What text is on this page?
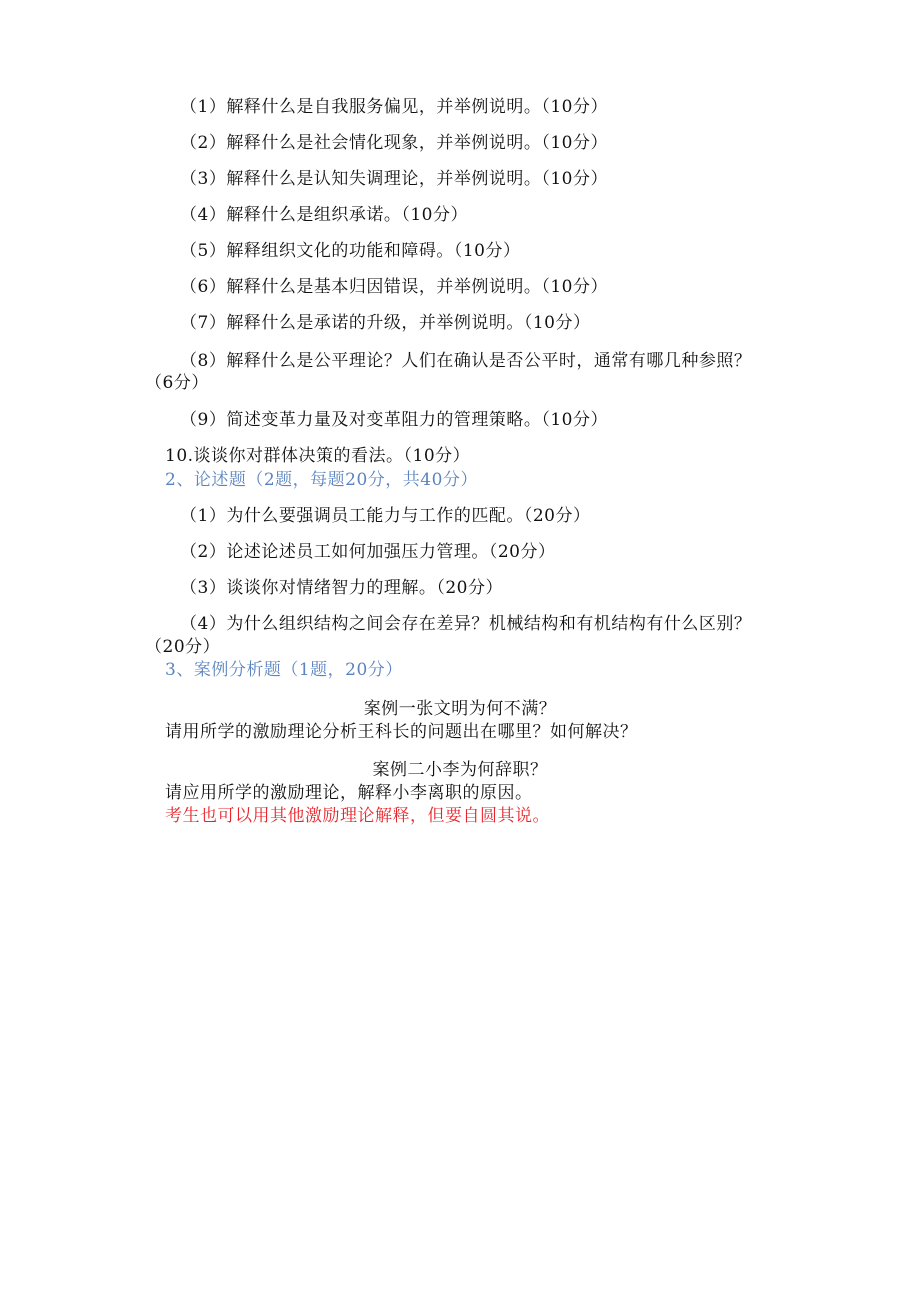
（1）解释什么是自我服务偏见，并举例说明。（10分）
（2）解释什么是社会情化现象，并举例说明。（10分）
（3）解释什么是认知失调理论，并举例说明。（10分）
（4）解释什么是组织承诺。（10分）
（5）解释组织文化的功能和障碍。（10分）
（6）解释什么是基本归因错误，并举例说明。（10分）
（7）解释什么是承诺的升级，并举例说明。（10分）
（8）解释什么是公平理论？人们在确认是否公平时，通常有哪几种参照？
（6分）
（9）简述变革力量及对变革阻力的管理策略。（10分）
10.谈谈你对群体决策的看法。（10分）
2、论述题（2题，每题20分，共40分）
（1）为什么要强调员工能力与工作的匹配。（20分）
（2）论述论述员工如何加强压力管理。（20分）
（3）谈谈你对情绪智力的理解。（20分）
（4）为什么组织结构之间会存在差异？机械结构和有机结构有什么区别？
（20分）
3、案例分析题（1题，20分）
案例一张文明为何不满？
请用所学的激励理论分析王科长的问题出在哪里？如何解决？
案例二小李为何辞职？
请应用所学的激励理论，解释小李离职的原因。
考生也可以用其他激励理论解释，但要自圆其说。
